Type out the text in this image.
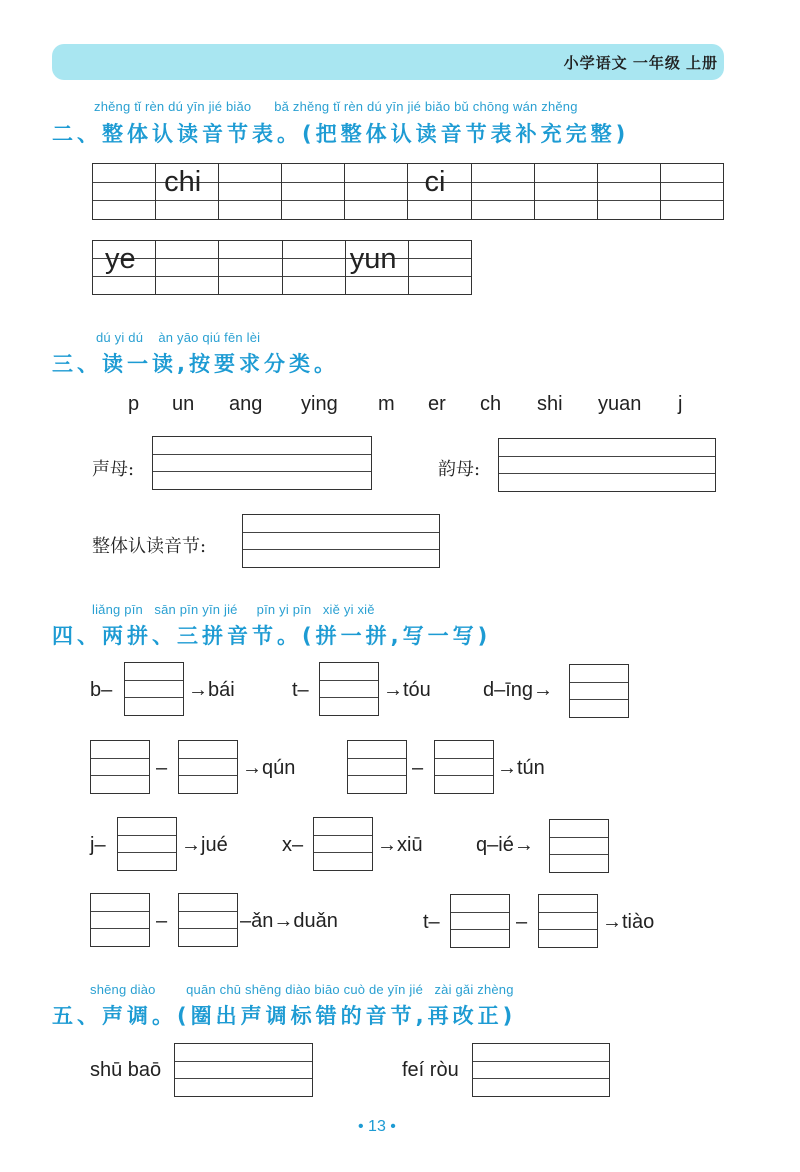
小学语文 一年级 上册
zhěng tǐ rèn dú yīn jié biǎo      bǎ zhěng tǐ rèn dú yīn jié biǎo bǔ chōng wán zhěng
二、整体认读音节表。(把整体认读音节表补充完整)
chi	ci
ye	yun
dú yi dú    àn yāo qiú fēn lèi
三、读一读,按要求分类。
p un ang ying m er ch shi yuan j
声母:	韵母:
整体认读音节:
liǎng pīn   sān pīn yīn jié     pīn yi pīn   xiě yi xiě
四、两拼、三拼音节。(拼一拼,写一写)
b–	→bái	t–	→tóu	d–īng→
–	→qún	–	→tún
j–	→jué	x–	→xiū	q–ié→
–	–ǎn→duǎn	t–	–	→tiào
shēng diào        quān chū shēng diào biāo cuò de yīn jié   zài gǎi zhèng
五、声调。(圈出声调标错的音节,再改正)
shū baō	feí ròu
• 13 •
